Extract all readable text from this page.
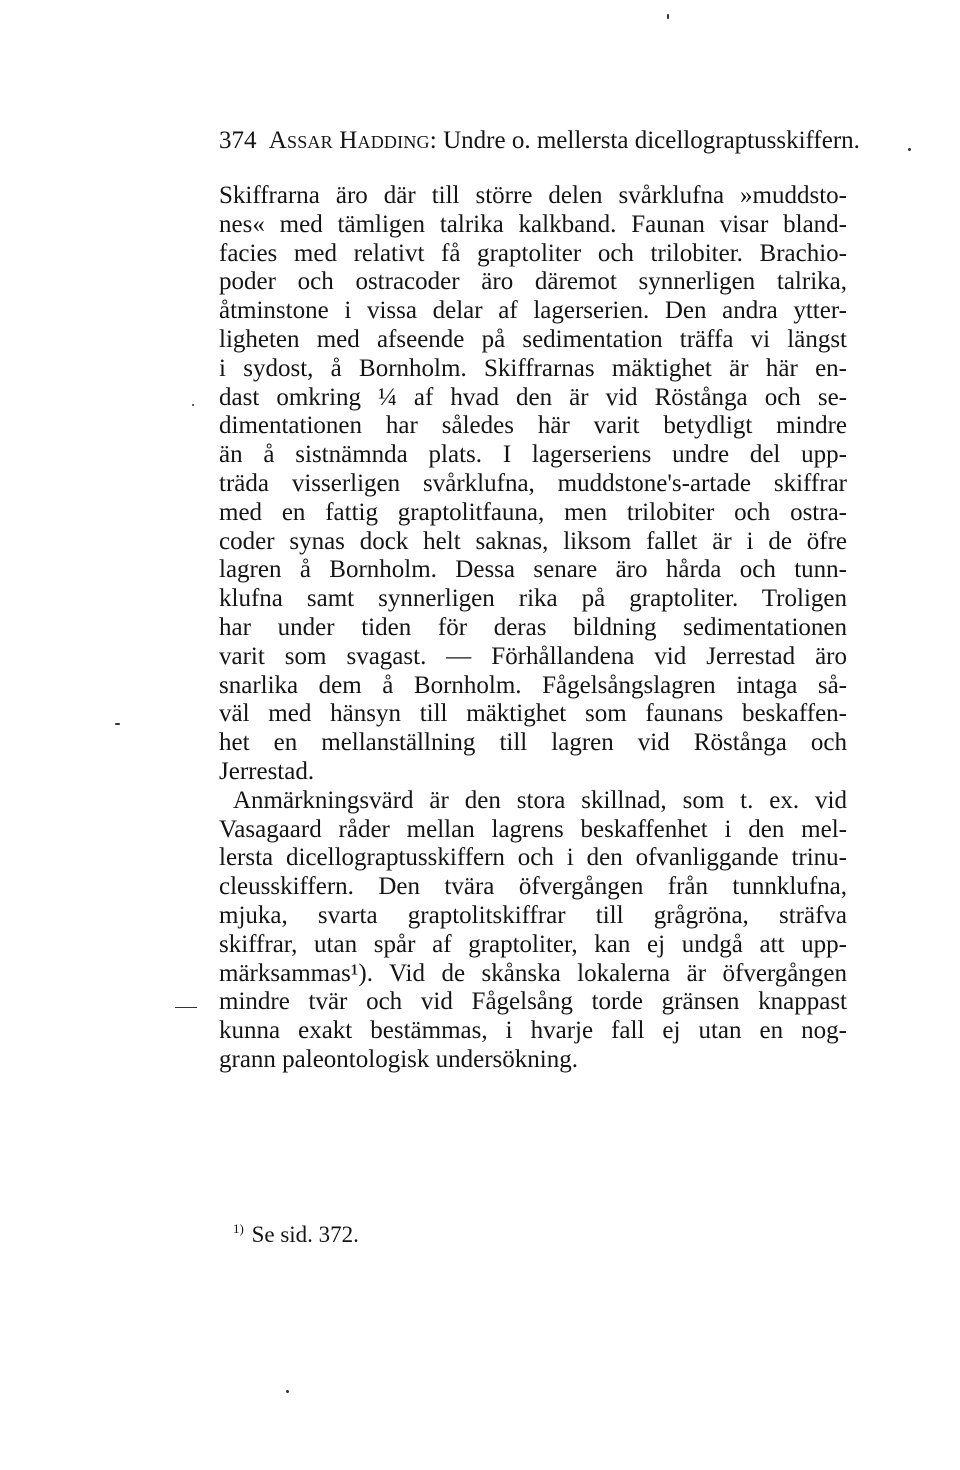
374 Assar Hadding: Undre o. mellersta dicellograptusskiffern.
Skiffrarna äro där till större delen svårklufna »muddsto-
nes« med tämligen talrika kalkband. Faunan visar bland-
facies med relativt få graptoliter och trilobiter. Brachio-
poder och ostracoder äro däremot synnerligen talrika,
åtminstone i vissa delar af lagerserien. Den andra ytter-
ligheten med afseende på sedimentation träffa vi längst
i sydost, å Bornholm. Skiffrarnas mäktighet är här en-
dast omkring ¼ af hvad den är vid Röstånga och se-
dimentationen har således här varit betydligt mindre
än å sistnämnda plats. I lagerseriens undre del upp-
träda visserligen svårklufna, muddstone's-artade skiffrar
med en fattig graptolitfauna, men trilobiter och ostra-
coder synas dock helt saknas, liksom fallet är i de öfre
lagren å Bornholm. Dessa senare äro hårda och tunn-
klufna samt synnerligen rika på graptoliter. Troligen
har under tiden för deras bildning sedimentationen
varit som svagast. — Förhållandena vid Jerrestad äro
snarlika dem å Bornholm. Fågelsångslagren intaga så-
väl med hänsyn till mäktighet som faunans beskaffen-
het en mellanställning till lagren vid Röstånga och
Jerrestad.
Anmärkningsvärd är den stora skillnad, som t. ex. vid
Vasagaard råder mellan lagrens beskaffenhet i den mel-
lersta dicellograptusskiffern och i den ofvanliggande trinu-
cleusskiffern. Den tvära öfvergången från tunnklufna,
mjuka, svarta graptolitskiffrar till grågröna, sträfva
skiffrar, utan spår af graptoliter, kan ej undgå att upp-
märksammas¹). Vid de skånska lokalerna är öfvergången
mindre tvär och vid Fågelsång torde gränsen knappast
kunna exakt bestämmas, i hvarje fall ej utan en nog-
grann paleontologisk undersökning.
$^{1)}$ Se sid. 372.
